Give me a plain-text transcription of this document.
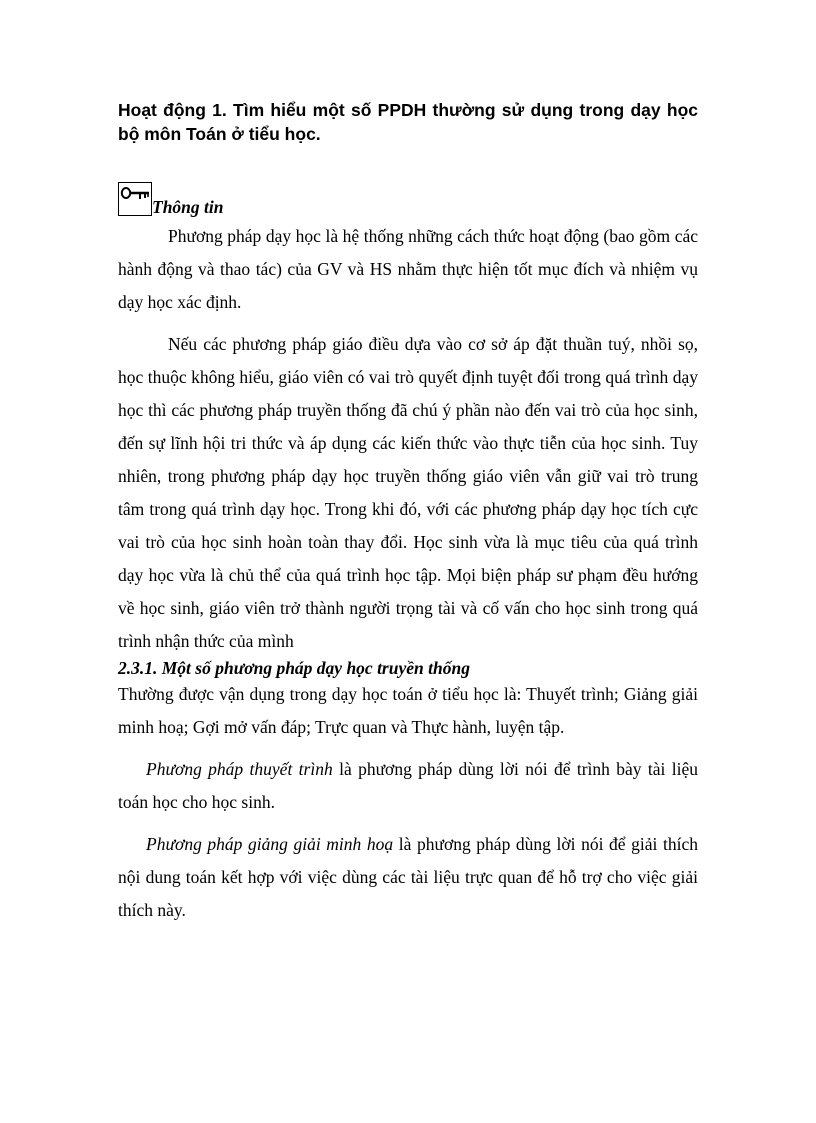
Hoạt động 1. Tìm hiểu một số PPDH thường sử dụng trong dạy học bộ môn Toán ở tiểu học.
Thông tin

Phương pháp dạy học là hệ thống những cách thức hoạt động (bao gồm các hành động và thao tác) của GV và HS nhằm thực hiện tốt mục đích và nhiệm vụ dạy học xác định.

Nếu các phương pháp giáo điều dựa vào cơ sở áp đặt thuần tuý, nhồi sọ, học thuộc không hiểu, giáo viên có vai trò quyết định tuyệt đối trong quá trình dạy học thì các phương pháp truyền thống đã chú ý phần nào đến vai trò của học sinh, đến sự lĩnh hội tri thức và áp dụng các kiến thức vào thực tiễn của học sinh. Tuy nhiên, trong phương pháp dạy học truyền thống giáo viên vẫn giữ vai trò trung tâm trong quá trình dạy học. Trong khi đó, với các phương pháp dạy học tích cực vai trò của học sinh hoàn toàn thay đổi. Học sinh vừa là mục tiêu của quá trình dạy học vừa là chủ thể của quá trình học tập. Mọi biện pháp sư phạm đều hướng về học sinh, giáo viên trở thành người trọng tài và cố vấn cho học sinh trong quá trình nhận thức của mình

2.3.1. Một số phương pháp dạy học truyền thống

Thường được vận dụng trong dạy học toán ở tiểu học là: Thuyết trình; Giảng giải minh hoạ; Gợi mở vấn đáp; Trực quan và Thực hành, luyện tập.

Phương pháp thuyết trình là phương pháp dùng lời nói để trình bày tài liệu toán học cho học sinh.

Phương pháp giảng giải minh hoạ là phương pháp dùng lời nói để giải thích nội dung toán kết hợp với việc dùng các tài liệu trực quan để hỗ trợ cho việc giải thích này.
